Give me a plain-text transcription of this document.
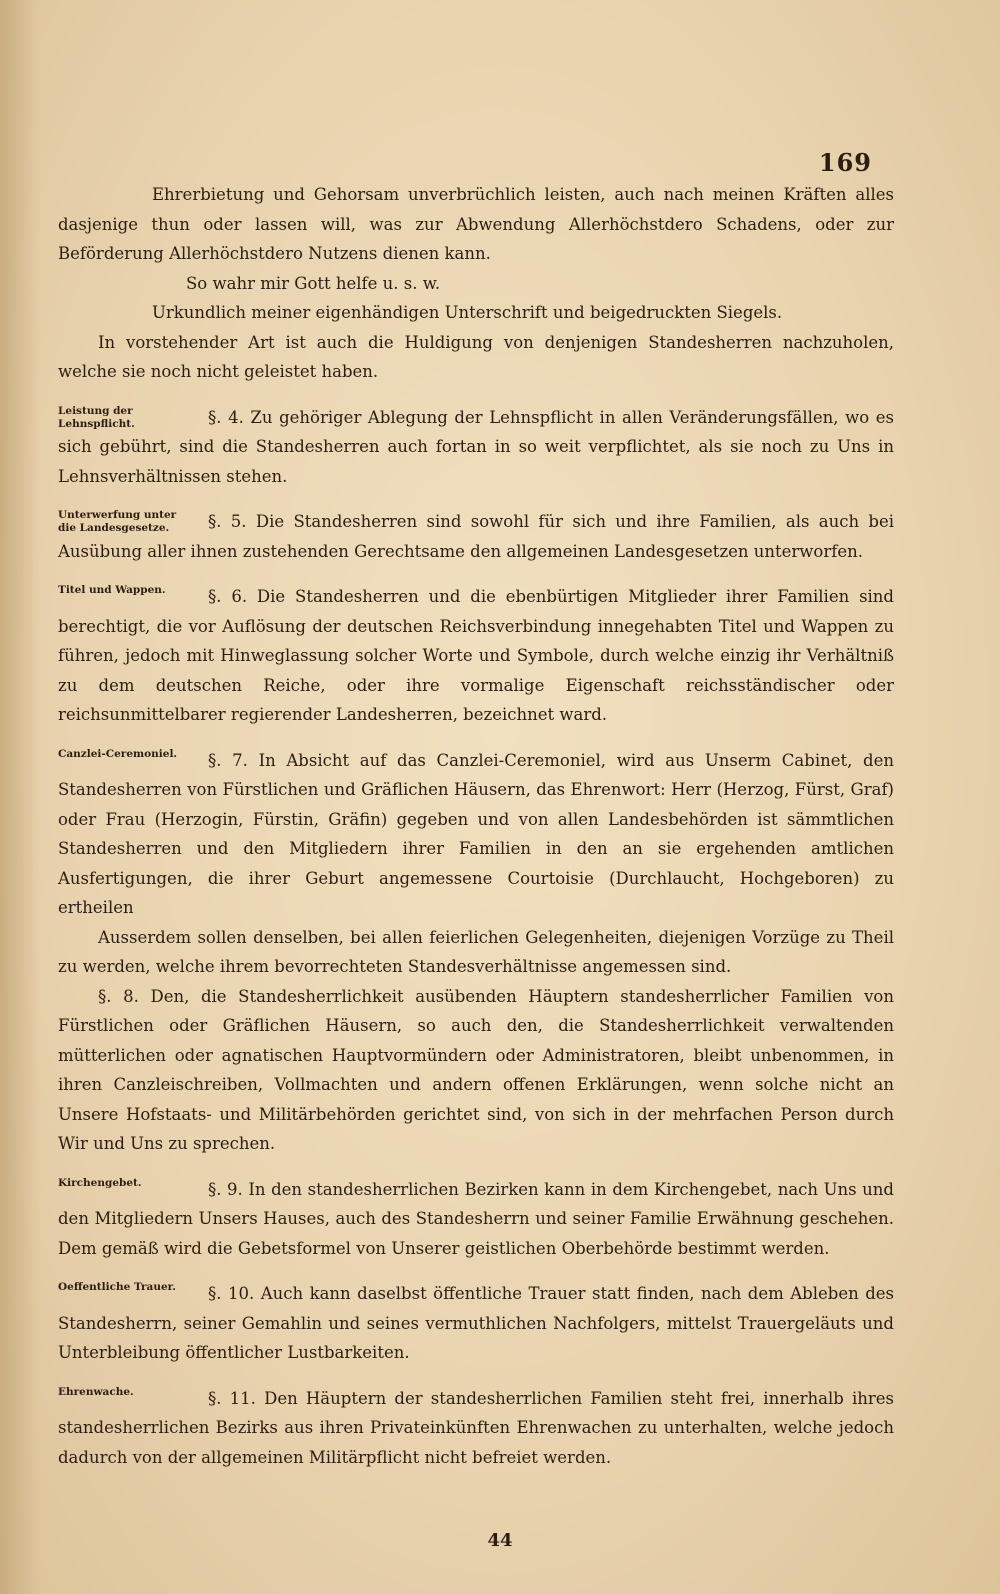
169

Ehrerbietung und Gehorsam unverbrüchlich leisten, auch nach meinen Kräften alles dasjenige thun oder lassen will, was zur Abwendung Allerhöchstdero Schadens, oder zur Beförderung Allerhöchstdero Nutzens dienen kann.

So wahr mir Gott helfe u. s. w.

Urkundlich meiner eigenhändigen Unterschrift und beigedruckten Siegels.

In vorstehender Art ist auch die Huldigung von denjenigen Standesherren nachzuholen, welche sie noch nicht geleistet haben.

Leistung der Lehnspflicht.	§. 4. Zu gehöriger Ablegung der Lehnspflicht in allen Veränderungsfällen, wo es sich gebührt, sind die Standesherren auch fortan in so weit verpflichtet, als sie noch zu Uns in Lehnsverhältnissen stehen.

Unterwerfung unter die Landesgesetze.	§. 5. Die Standesherren sind sowohl für sich und ihre Familien, als auch bei Ausübung aller ihnen zustehenden Gerechtsame den allgemeinen Landesgesetzen unterworfen.

Titel und Wappen.	§. 6. Die Standesherren und die ebenbürtigen Mitglieder ihrer Familien sind berechtigt, die vor Auflösung der deutschen Reichsverbindung innegehabten Titel und Wappen zu führen, jedoch mit Hinweglassung solcher Worte und Symbole, durch welche einzig ihr Verhältniß zu dem deutschen Reiche, oder ihre vormalige Eigenschaft reichsständischer oder reichsunmittelbarer regierender Landesherren, bezeichnet ward.

Canzlei-Ceremoniel.	§. 7. In Absicht auf das Canzlei-Ceremoniel, wird aus Unserm Cabinet, den Standesherren von Fürstlichen und Gräflichen Häusern, das Ehrenwort: Herr (Herzog, Fürst, Graf) oder Frau (Herzogin, Fürstin, Gräfin) gegeben und von allen Landesbehörden ist sämmtlichen Standesherren und den Mitgliedern ihrer Familien in den an sie ergehenden amtlichen Ausfertigungen, die ihrer Geburt angemessene Courtoisie (Durchlaucht, Hochgeboren) zu ertheilen

Ausserdem sollen denselben, bei allen feierlichen Gelegenheiten, diejenigen Vorzüge zu Theil zu werden, welche ihrem bevorrechteten Standesverhältnisse angemessen sind.

§. 8. Den, die Standesherrlichkeit ausübenden Häuptern standesherrlicher Familien von Fürstlichen oder Gräflichen Häusern, so auch den, die Standesherrlichkeit verwaltenden mütterlichen oder agnatischen Hauptvormündern oder Administratoren, bleibt unbenommen, in ihren Canzleischreiben, Vollmachten und andern offenen Erklärungen, wenn solche nicht an Unsere Hofstaats- und Militärbehörden gerichtet sind, von sich in der mehrfachen Person durch Wir und Uns zu sprechen.

Kirchengebet.	§. 9. In den standesherrlichen Bezirken kann in dem Kirchengebet, nach Uns und den Mitgliedern Unsers Hauses, auch des Standesherrn und seiner Familie Erwähnung geschehen. Dem gemäß wird die Gebetsformel von Unserer geistlichen Oberbehörde bestimmt werden.

Oeffentliche Trauer.	§. 10. Auch kann daselbst öffentliche Trauer statt finden, nach dem Ableben des Standesherrn, seiner Gemahlin und seines vermuthlichen Nachfolgers, mittelst Trauergeläuts und Unterbleibung öffentlicher Lustbarkeiten.

Ehrenwache.	§. 11. Den Häuptern der standesherrlichen Familien steht frei, innerhalb ihres standesherrlichen Bezirks aus ihren Privateinkünften Ehrenwachen zu unterhalten, welche jedoch dadurch von der allgemeinen Militärpflicht nicht befreiet werden.

44
